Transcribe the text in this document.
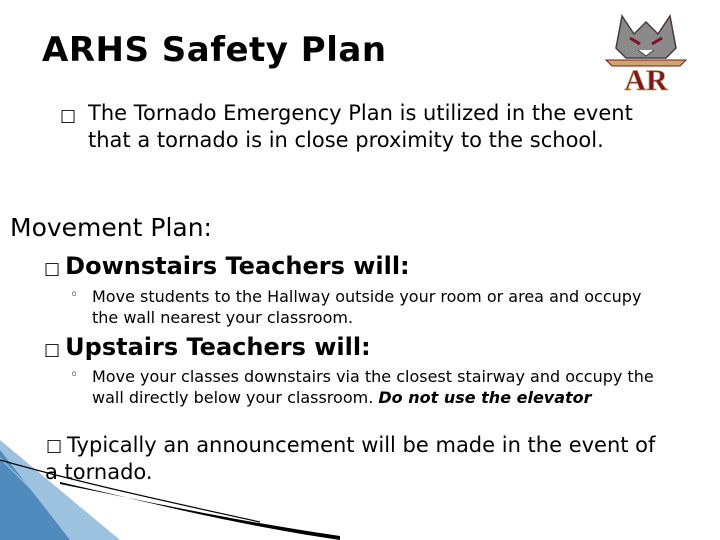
ARHS Safety Plan
AR
□ The Tornado Emergency Plan is utilized in the event that a tornado is in close proximity to the school.

Movement Plan:

□ Downstairs Teachers will:
◦ Move students to the Hallway outside your room or area and occupy the wall nearest your classroom.

□ Upstairs Teachers will:
◦ Move your classes downstairs via the closest stairway and occupy the wall directly below your classroom. Do not use the elevator

□ Typically an announcement will be made in the event of a tornado.
